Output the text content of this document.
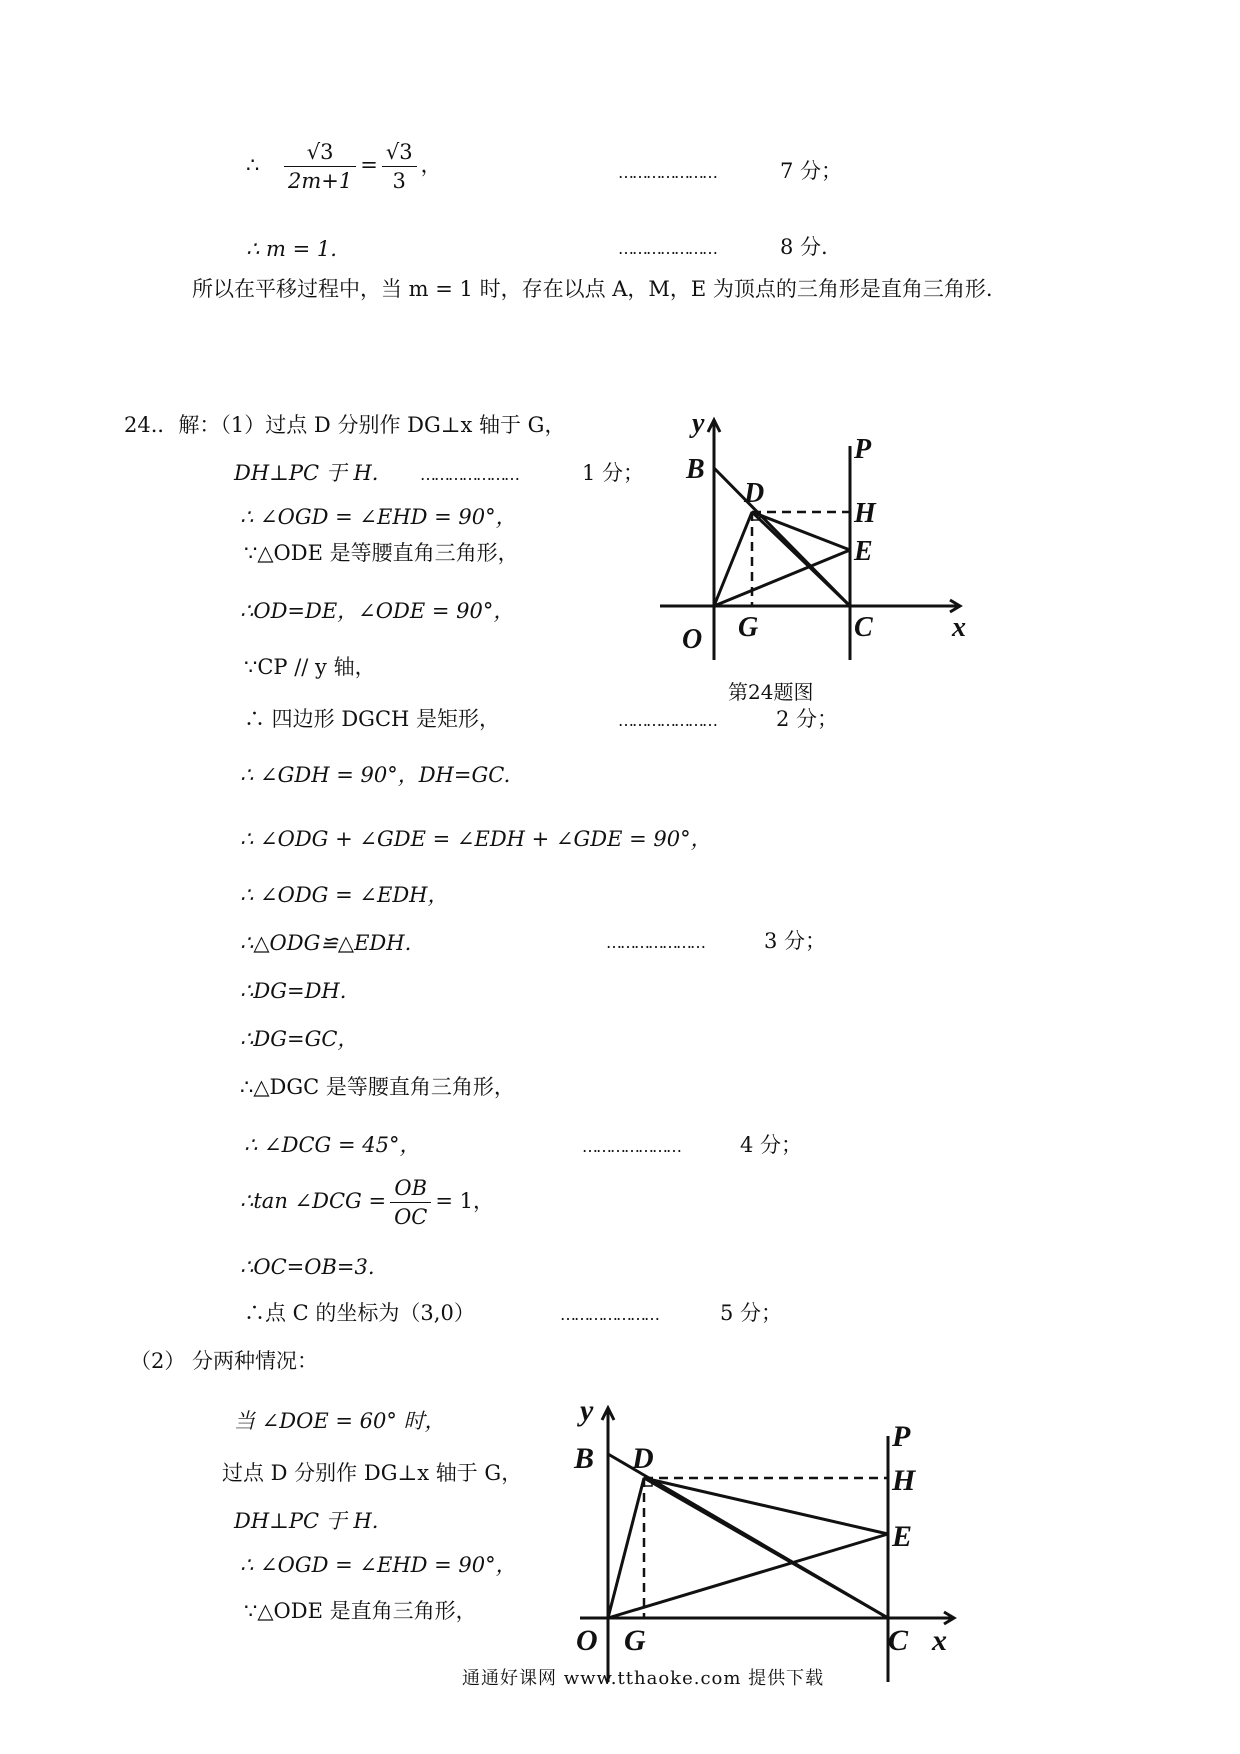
∴ $\frac{√3}{2m+1} = \frac{√3}{3}$ ，	…………………	7 分；
∴ m = 1.	…………………	8 分.
所以在平移过程中，当 m = 1 时，存在以点 A，M，E 为顶点的三角形是直角三角形.
24.．解：（1）过点 D 分别作 DG⊥x 轴于 G，
DH⊥PC 于 H.	…………………	1 分；
∴ ∠OGD = ∠EHD = 90°，
∵△ODE 是等腰直角三角形，
∴OD=DE，∠ODE = 90°，
∵CP // y 轴，
∴ 四边形 DGCH 是矩形，	…………………	2 分；
∴ ∠GDH = 90°，DH=GC.
∴ ∠ODG + ∠GDE = ∠EDH + ∠GDE = 90°，
∴ ∠ODG = ∠EDH，
∴△ODG≌△EDH.	…………………	3 分；
∴DG=DH.
∴DG=GC，
∴△DGC 是等腰直角三角形，
∴ ∠DCG = 45°，	…………………	4 分；
∴tan ∠DCG = $\frac{OB}{OC} = 1$，
∴OC=OB=3.
∴点 C 的坐标为（3,0）	…………………	5 分；
（2） 分两种情况：
当 ∠DOE = 60° 时，
过点 D 分别作 DG⊥x 轴于 G，
DH⊥PC 于 H.
∴ ∠OGD = ∠EHD = 90°，
∵△ODE 是直角三角形，
y
B
D
P
H
E
O G	C	x
第24题图
y
B D
P
H
E
O G	C x
通通好课网 www.tthaoke.com 提供下载
